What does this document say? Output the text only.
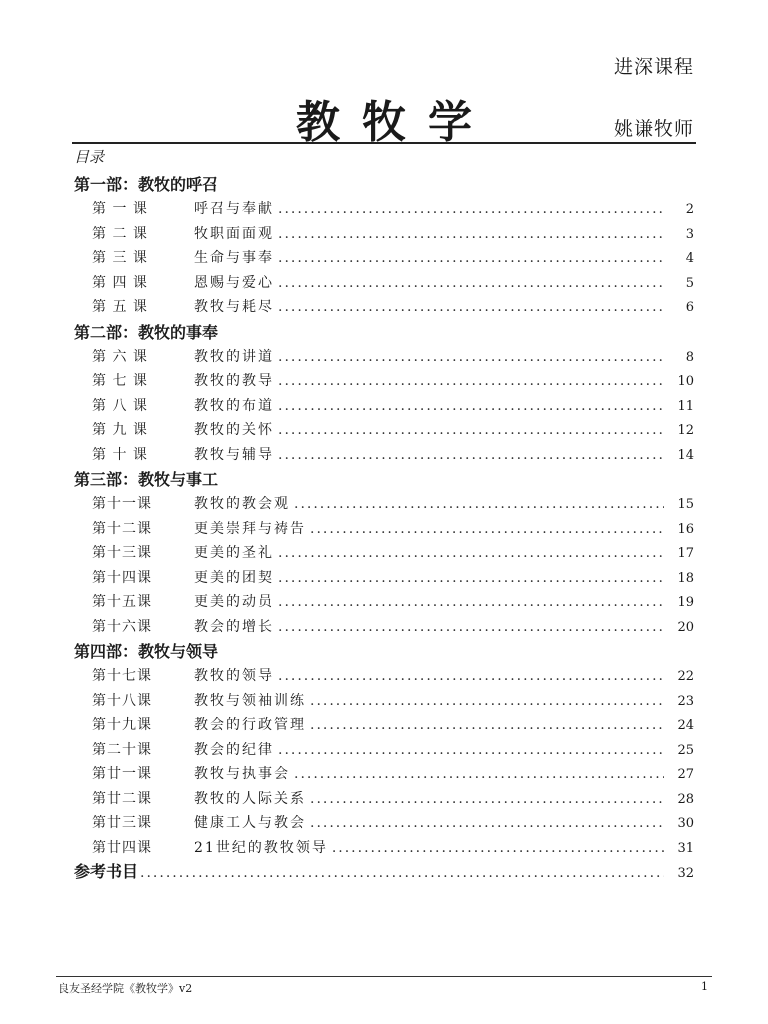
进深课程
教牧学	姚谦牧师
目录
第一部：教牧的呼召
第 一 课	呼召与奉献 .....	2
第 二 课	牧职面面观 .....	3
第 三 课	生命与事奉 .....	4
第 四 课	恩赐与爱心 .....	5
第 五 课	教牧与耗尽 .....	6
第二部：教牧的事奉
第 六 课	教牧的讲道 .....	8
第 七 课	教牧的教导 .....	10
第 八 课	教牧的布道 .....	11
第 九 课	教牧的关怀 .....	12
第 十 课	教牧与辅导 .....	14
第三部：教牧与事工
第十一课	教牧的教会观 .....	15
第十二课	更美崇拜与祷告 .....	16
第十三课	更美的圣礼 .....	17
第十四课	更美的团契 .....	18
第十五课	更美的动员 .....	19
第十六课	教会的增长 .....	20
第四部：教牧与领导
第十七课	教牧的领导 .....	22
第十八课	教牧与领袖训练 .....	23
第十九课	教会的行政管理 .....	24
第二十课	教会的纪律 .....	25
第廿一课	教牧与执事会 .....	27
第廿二课	教牧的人际关系 .....	28
第廿三课	健康工人与教会 .....	30
第廿四课	21世纪的教牧领导 .....	31
参考书目 .....	32
良友圣经学院《教牧学》v2	1
